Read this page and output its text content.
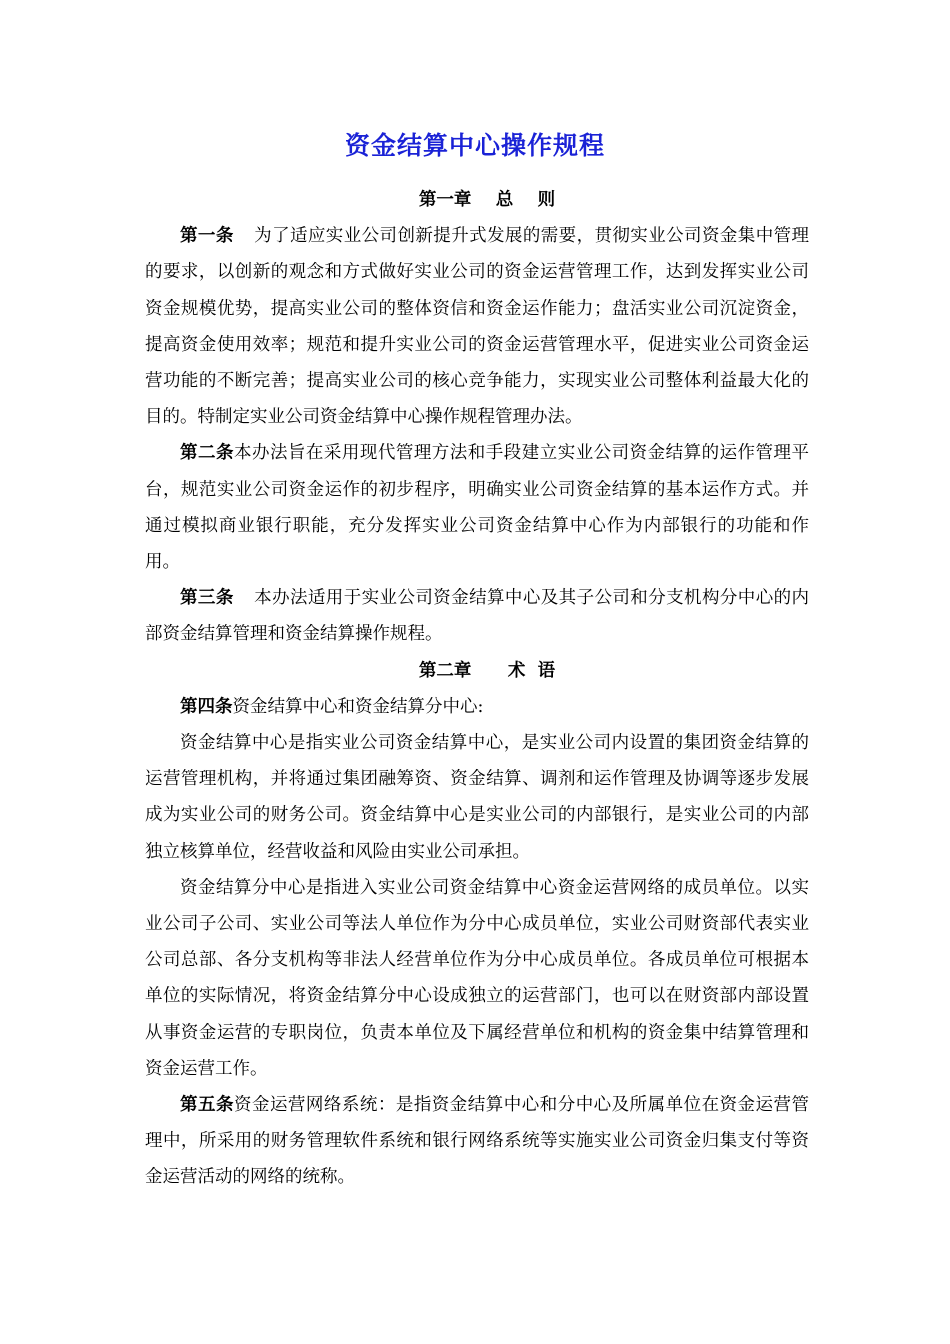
资金结算中心操作规程
第一章    总    则

第一条 为了适应实业公司创新提升式发展的需要，贯彻实业公司资金集中管理的要求，以创新的观念和方式做好实业公司的资金运营管理工作，达到发挥实业公司资金规模优势，提高实业公司的整体资信和资金运作能力；盘活实业公司沉淀资金，提高资金使用效率；规范和提升实业公司的资金运营管理水平，促进实业公司资金运营功能的不断完善；提高实业公司的核心竞争能力，实现实业公司整体利益最大化的目的。特制定实业公司资金结算中心操作规程管理办法。

第二条本办法旨在采用现代管理方法和手段建立实业公司资金结算的运作管理平台，规范实业公司资金运作的初步程序，明确实业公司资金结算的基本运作方式。并通过模拟商业银行职能，充分发挥实业公司资金结算中心作为内部银行的功能和作用。

第三条 本办法适用于实业公司资金结算中心及其子公司和分支机构分中心的内部资金结算管理和资金结算操作规程。

第二章      术  语

第四条资金结算中心和资金结算分中心:

资金结算中心是指实业公司资金结算中心，是实业公司内设置的集团资金结算的运营管理机构，并将通过集团融筹资、资金结算、调剂和运作管理及协调等逐步发展成为实业公司的财务公司。资金结算中心是实业公司的内部银行，是实业公司的内部独立核算单位，经营收益和风险由实业公司承担。

资金结算分中心是指进入实业公司资金结算中心资金运营网络的成员单位。以实业公司子公司、实业公司等法人单位作为分中心成员单位，实业公司财资部代表实业公司总部、各分支机构等非法人经营单位作为分中心成员单位。各成员单位可根据本单位的实际情况，将资金结算分中心设成独立的运营部门，也可以在财资部内部设置从事资金运营的专职岗位，负责本单位及下属经营单位和机构的资金集中结算管理和资金运营工作。

第五条资金运营网络系统：是指资金结算中心和分中心及所属单位在资金运营管理中，所采用的财务管理软件系统和银行网络系统等实施实业公司资金归集支付等资金运营活动的网络的统称。
